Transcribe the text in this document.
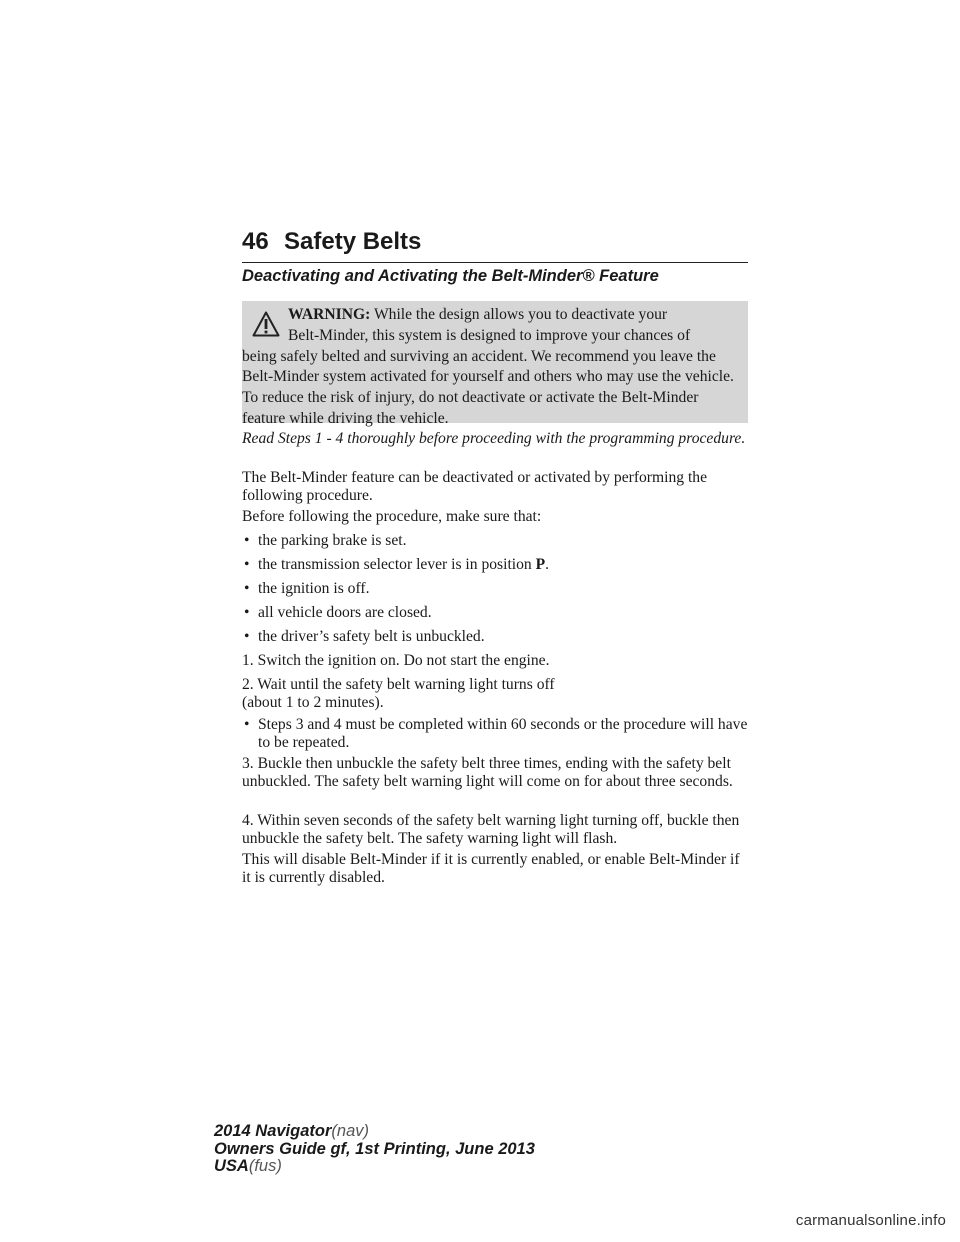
46 Safety Belts
Deactivating and Activating the Belt-Minder® Feature
WARNING: While the design allows you to deactivate your
Belt-Minder, this system is designed to improve your chances of
being safely belted and surviving an accident. We recommend you leave the Belt-Minder system activated for yourself and others who may use the vehicle. To reduce the risk of injury, do not deactivate or activate the Belt-Minder feature while driving the vehicle.

Read Steps 1 - 4 thoroughly before proceeding with the programming procedure.

The Belt-Minder feature can be deactivated or activated by performing the following procedure.

Before following the procedure, make sure that:

• the parking brake is set.
• the transmission selector lever is in position P.
• the ignition is off.
• all vehicle doors are closed.
• the driver’s safety belt is unbuckled.

1. Switch the ignition on. Do not start the engine.

2. Wait until the safety belt warning light turns off
(about 1 to 2 minutes).

• Steps 3 and 4 must be completed within 60 seconds or the procedure will have to be repeated.

3. Buckle then unbuckle the safety belt three times, ending with the safety belt unbuckled. The safety belt warning light will come on for about three seconds.

4. Within seven seconds of the safety belt warning light turning off, buckle then unbuckle the safety belt. The safety warning light will flash.

This will disable Belt-Minder if it is currently enabled, or enable Belt-Minder if it is currently disabled.

2014 Navigator(nav)
Owners Guide gf, 1st Printing, June 2013
USA(fus)
carmanualsonline.info
